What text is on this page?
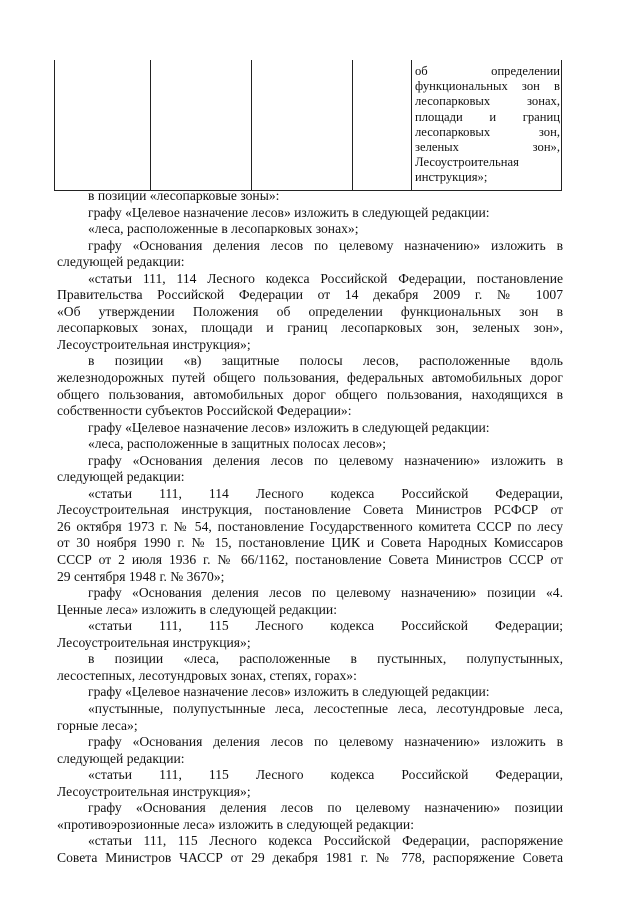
об определении
функциональных зон в
лесопарковых зонах,
площади и границ
лесопарковых зон,
зеленых зон»,
Лесоустроительная
инструкция»;
в позиции «лесопарковые зоны»:
графу «Целевое назначение лесов» изложить в следующей редакции:
«леса, расположенные в лесопарковых зонах»;
графу «Основания деления лесов по целевому назначению» изложить в
следующей редакции:
«статьи 111, 114 Лесного кодекса Российской Федерации, постановление
Правительства Российской Федерации от 14 декабря 2009 г. № 1007
«Об утверждении Положения об определении функциональных зон в
лесопарковых зонах, площади и границ лесопарковых зон, зеленых зон»,
Лесоустроительная инструкция»;
в позиции «в) защитные полосы лесов, расположенные вдоль
железнодорожных путей общего пользования, федеральных автомобильных дорог
общего пользования, автомобильных дорог общего пользования, находящихся в
собственности субъектов Российской Федерации»:
графу «Целевое назначение лесов» изложить в следующей редакции:
«леса, расположенные в защитных полосах лесов»;
графу «Основания деления лесов по целевому назначению» изложить в
следующей редакции:
«статьи 111, 114 Лесного кодекса Российской Федерации,
Лесоустроительная инструкция, постановление Совета Министров РСФСР от
26 октября 1973 г. № 54, постановление Государственного комитета СССР по лесу
от 30 ноября 1990 г. № 15, постановление ЦИК и Совета Народных Комиссаров
СССР от 2 июля 1936 г. № 66/1162, постановление Совета Министров СССР от
29 сентября 1948 г. № 3670»;
графу «Основания деления лесов по целевому назначению» позиции «4.
Ценные леса» изложить в следующей редакции:
«статьи 111, 115 Лесного кодекса Российской Федерации;
Лесоустроительная инструкция»;
в позиции «леса, расположенные в пустынных, полупустынных,
лесостепных, лесотундровых зонах, степях, горах»:
графу «Целевое назначение лесов» изложить в следующей редакции:
«пустынные, полупустынные леса, лесостепные леса, лесотундровые леса,
горные леса»;
графу «Основания деления лесов по целевому назначению» изложить в
следующей редакции:
«статьи 111, 115 Лесного кодекса Российской Федерации,
Лесоустроительная инструкция»;
графу «Основания деления лесов по целевому назначению» позиции
«противоэрозионные леса» изложить в следующей редакции:
«статьи 111, 115 Лесного кодекса Российской Федерации, распоряжение
Совета Министров ЧАССР от 29 декабря 1981 г. № 778, распоряжение Совета
